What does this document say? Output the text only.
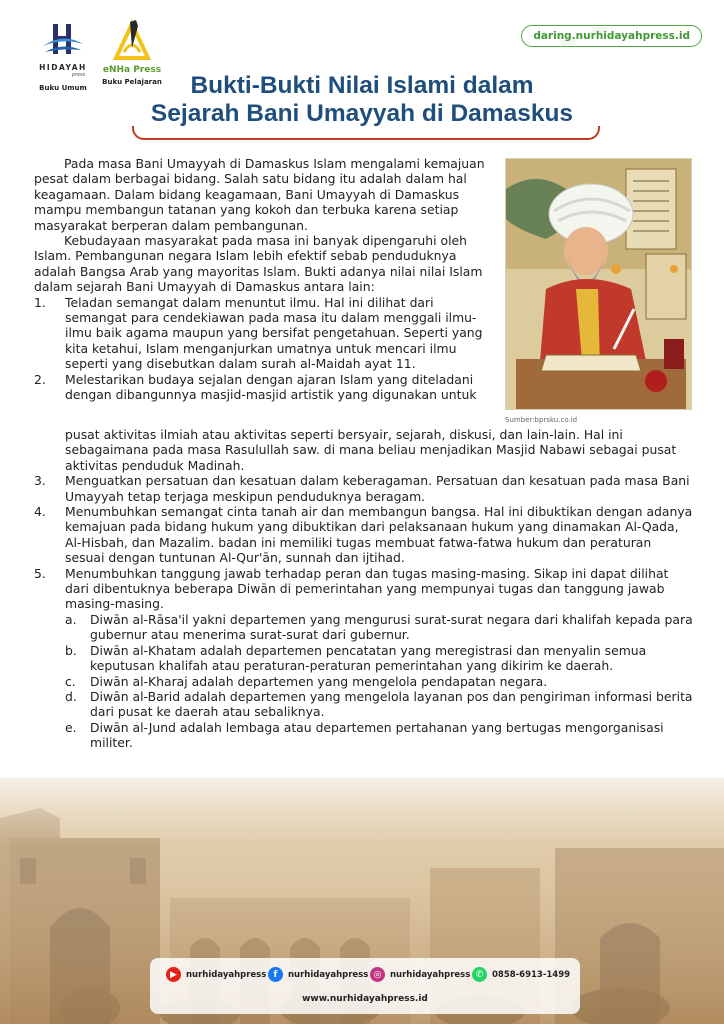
HIDAYAH
press
Buku Umum
eNHa Press
Buku Pelajaran
daring.nurhidayahpress.id
Bukti-Bukti Nilai Islami dalam
Sejarah Bani Umayyah di Damaskus
Sumber:bprsku.co.id

Pada masa Bani Umayyah di Damaskus Islam mengalami kemajuan pesat dalam berbagai bidang. Salah satu bidang itu adalah dalam hal keagamaan. Dalam bidang keagamaan, Bani Umayyah di Damaskus mampu membangun tatanan yang kokoh dan terbuka karena setiap masyarakat berperan dalam pembangunan.

Kebudayaan masyarakat pada masa ini banyak dipengaruhi oleh Islam. Pembangunan negara Islam lebih efektif sebab penduduknya adalah Bangsa Arab yang mayoritas Islam. Bukti adanya nilai nilai Islam dalam sejarah Bani Umayyah di Damaskus antara lain:

1.	Teladan semangat dalam menuntut ilmu. Hal ini dilihat dari semangat para cendekiawan pada masa itu dalam menggali ilmu-ilmu baik agama maupun yang bersifat pengetahuan. Seperti yang kita ketahui, Islam menganjurkan umatnya untuk mencari ilmu seperti yang disebutkan dalam surah al-Maidah ayat 11.
2.	Melestarikan budaya sejalan dengan ajaran Islam yang diteladani dengan dibangunnya masjid-masjid artistik yang digunakan untuk
pusat aktivitas ilmiah atau aktivitas seperti bersyair, sejarah, diskusi, dan lain-lain. Hal ini sebagaimana pada masa Rasulullah saw. di mana beliau menjadikan Masjid Nabawi sebagai pusat aktivitas penduduk Madinah.
3.	Menguatkan persatuan dan kesatuan dalam keberagaman. Persatuan dan kesatuan pada masa Bani Umayyah tetap terjaga meskipun penduduknya beragam.
4.	Menumbuhkan semangat cinta tanah air dan membangun bangsa. Hal ini dibuktikan dengan adanya kemajuan pada bidang hukum yang dibuktikan dari pelaksanaan hukum yang dinamakan Al-Qada, Al-Hisbah, dan Mazalim. badan ini memiliki tugas membuat fatwa-fatwa hukum dan peraturan sesuai dengan tuntunan Al-Qur'ān, sunnah dan ijtihad.
5.	Menumbuhkan tanggung jawab terhadap peran dan tugas masing-masing. Sikap ini dapat dilihat dari dibentuknya beberapa Diwān di pemerintahan yang mempunyai tugas dan tanggung jawab masing-masing.
a.	Diwān al-Rāsa'il yakni departemen yang mengurusi surat-surat negara dari khalifah kepada para gubernur atau menerima surat-surat dari gubernur.
b.	Diwān al-Khatam adalah departemen pencatatan yang meregistrasi dan menyalin semua keputusan khalifah atau peraturan-peraturan pemerintahan yang dikirim ke daerah.
c.	Diwān al-Kharaj adalah departemen yang mengelola pendapatan negara.
d.	Diwān al-Barid adalah departemen yang mengelola layanan pos dan pengiriman informasi berita dari pusat ke daerah atau sebaliknya.
e.	Diwān al-Jund adalah lembaga atau departemen pertahanan yang bertugas mengorganisasi militer.
▶	nurhidayahpress f	nurhidayahpress ◎	nurhidayahpress ✆	0858-6913-1499
www.nurhidayahpress.id
